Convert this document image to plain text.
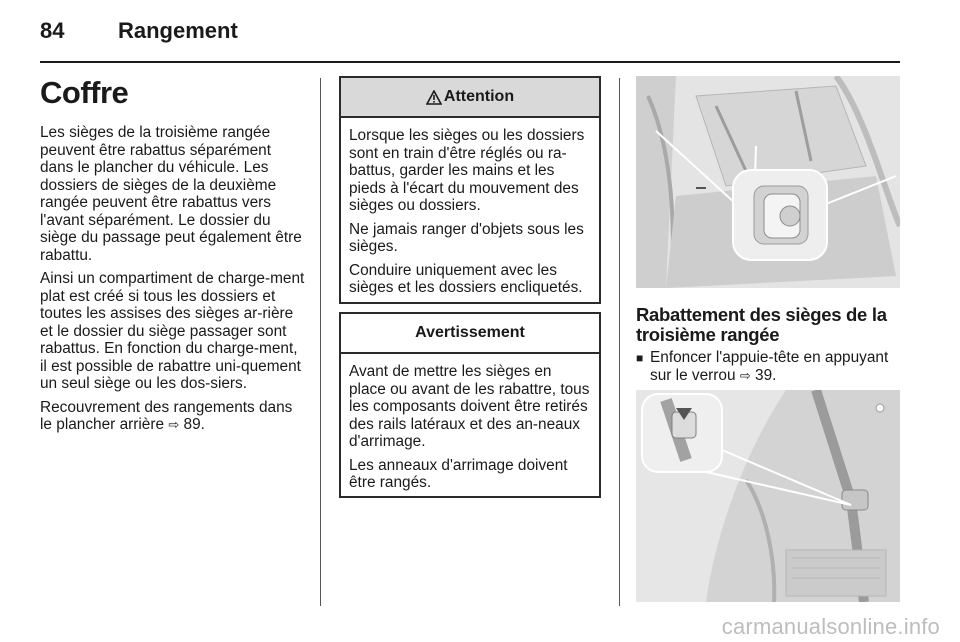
84 Rangement
Coffre

Les sièges de la troisième rangée peuvent être rabattus séparément dans le plancher du véhicule. Les dossiers de sièges de la deuxième rangée peuvent être rabattus vers l'avant séparément. Le dossier du siège du passage peut également être rabattu.

Ainsi un compartiment de charge-ment plat est créé si tous les dossiers et toutes les assises des sièges ar-rière et le dossier du siège passager sont rabattus. En fonction du charge-ment, il est possible de rabattre uni-quement un seul siège ou les dos-siers.

Recouvrement des rangements dans le plancher arrière ⇨ 89.

Attention

Lorsque les sièges ou les dossiers sont en train d'être réglés ou ra-battus, garder les mains et les pieds à l'écart du mouvement des sièges ou dossiers.

Ne jamais ranger d'objets sous les sièges.

Conduire uniquement avec les sièges et les dossiers encliquetés.

Avertissement

Avant de mettre les sièges en place ou avant de les rabattre, tous les composants doivent être retirés des rails latéraux et des an-neaux d'arrimage.

Les anneaux d'arrimage doivent être rangés.

Rabattement des sièges de la troisième rangée
■ Enfoncer l'appuie-tête en appuyant sur le verrou ⇨ 39.
carmanualsonline.info
